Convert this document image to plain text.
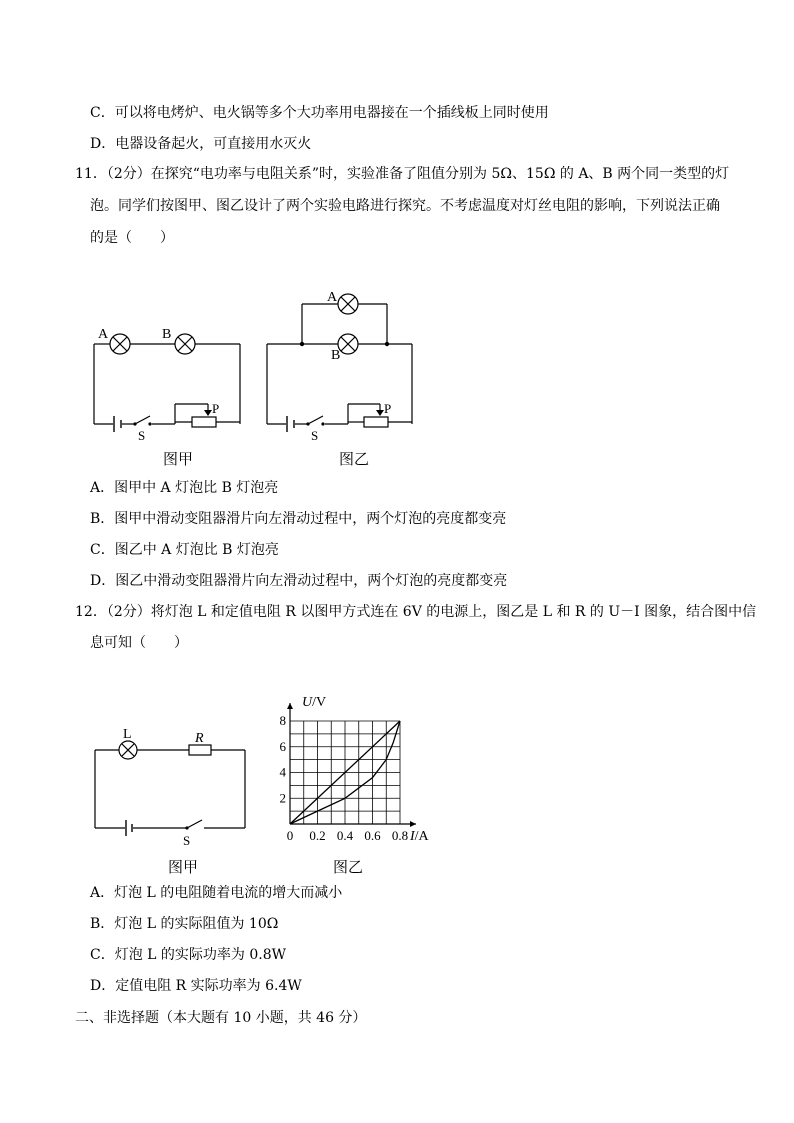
C．可以将电烤炉、电火锅等多个大功率用电器接在一个插线板上同时使用
D．电器设备起火，可直接用水灭火
11．（2分）在探究“电功率与电阻关系”时，实验准备了阻值分别为 5Ω、15Ω 的 A、B 两个同一类型的灯
泡。同学们按图甲、图乙设计了两个实验电路进行探究。不考虑温度对灯丝电阻的影响，下列说法正确
的是（　　）
A	B
S
P
图甲
A
B
S
P
图乙
A．图甲中 A 灯泡比 B 灯泡亮
B．图甲中滑动变阻器滑片向左滑动过程中，两个灯泡的亮度都变亮
C．图乙中 A 灯泡比 B 灯泡亮
D．图乙中滑动变阻器滑片向左滑动过程中，两个灯泡的亮度都变亮
12．（2分）将灯泡 L 和定值电阻 R 以图甲方式连在 6V 的电源上，图乙是 L 和 R 的 U－I 图象，结合图中信
息可知（　　）
L	R
S
图甲
0 0.2 0.4 0.6 0.8
2
4
6
8
U/V
I/A
图乙
A．灯泡 L 的电阻随着电流的增大而减小
B．灯泡 L 的实际阻值为 10Ω
C．灯泡 L 的实际功率为 0.8W
D．定值电阻 R 实际功率为 6.4W
二、非选择题（本大题有 10 小题，共 46 分）
